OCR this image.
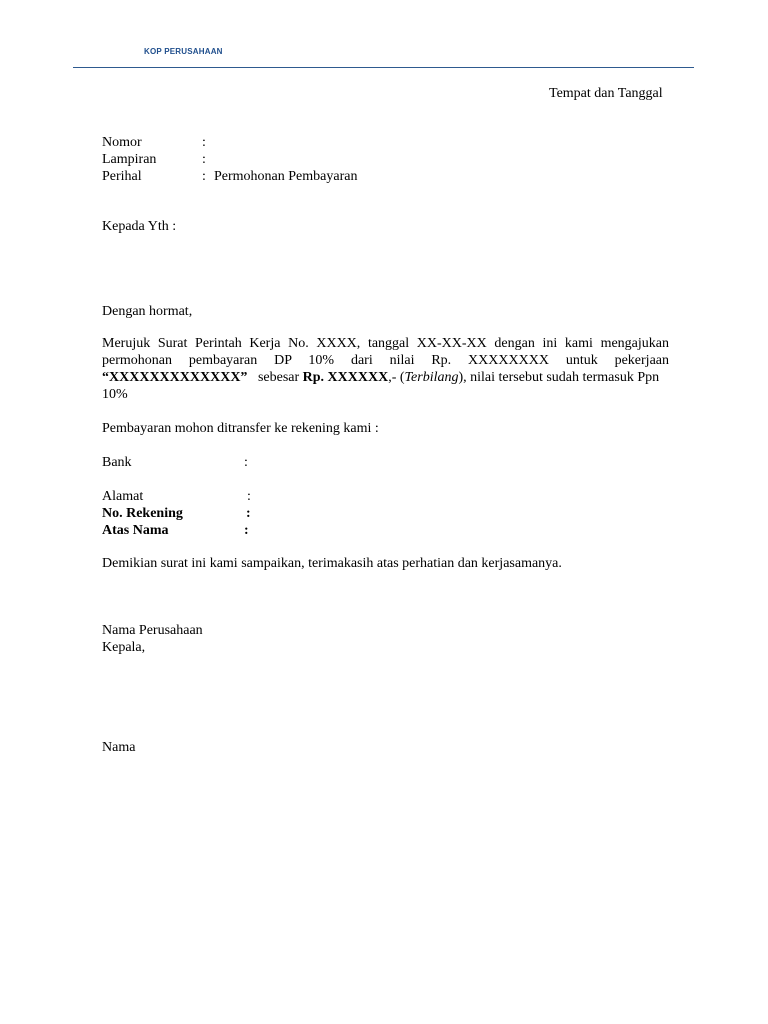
KOP PERUSAHAAN
Tempat dan Tanggal
Nomor	:
Lampiran	:
Perihal	: Permohonan Pembayaran
Kepada Yth :
Dengan hormat,
Merujuk Surat Perintah Kerja No. XXXX, tanggal XX-XX-XX dengan ini kami mengajukan
permohonan pembayaran DP 10% dari nilai Rp. XXXXXXXX untuk pekerjaan
“XXXXXXXXXXXXX” sebesar Rp. XXXXXX,- (Terbilang), nilai tersebut sudah termasuk Ppn
10%
Pembayaran mohon ditransfer ke rekening kami :
Bank	:
Alamat	:
No. Rekening	:
Atas Nama	:
Demikian surat ini kami sampaikan, terimakasih atas perhatian dan kerjasamanya.
Nama Perusahaan
Kepala,
Nama
